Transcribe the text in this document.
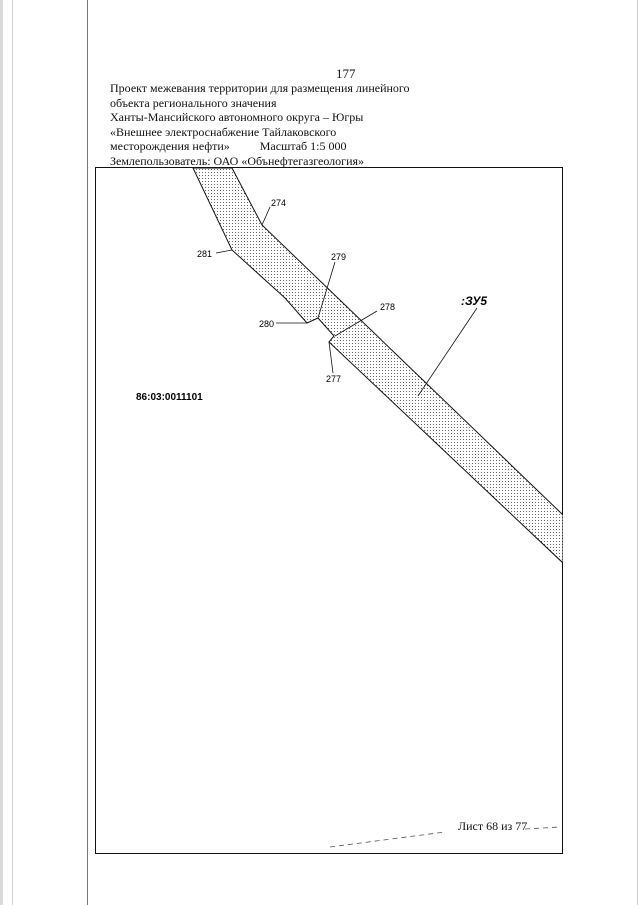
177
Проект межевания территории для размещения линейного
объекта регионального значения
Ханты-Мансийского автономного округа – Югры
«Внешнее электроснабжение Тайлаковского
месторождения нефти»	Масштаб 1:5 000
Землепользователь: ОАО «Обънефтегазгеология»
274
281	279
278
280
277
:ЗУ5
86:03:0011101
Лист 68 из 77
